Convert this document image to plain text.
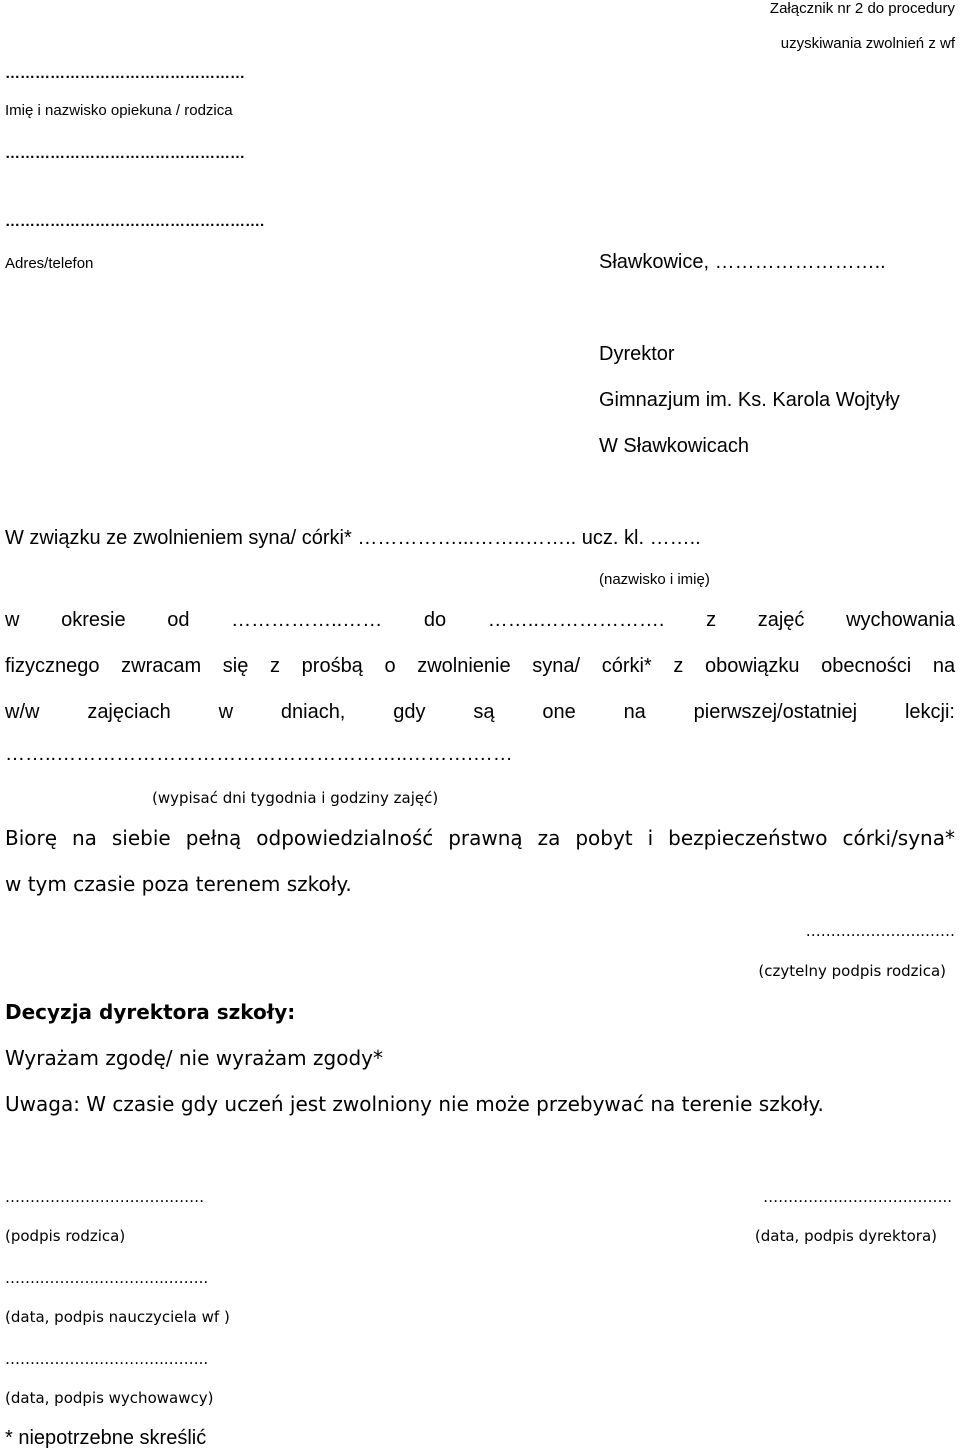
Załącznik nr 2 do procedury
uzyskiwania zwolnień z wf
…………………………………………
Imię i nazwisko opiekuna / rodzica
…………………………………………
…………………………………………….
Adres/telefon	Sławkowice, ……………………..
Dyrektor
Gimnazjum im. Ks. Karola Wojtyły
W Sławkowicach
W związku ze zwolnieniem syna/ córki* ……………...……..…….. ucz. kl. ……..
(nazwisko i imię)
w okresie od ……………..…… do ……..………………. z zajęć wychowania
fizycznego zwracam się z prośbą o zwolnienie syna/ córki* z obowiązku obecności na
w/w zajęciach w dniach, gdy są one na pierwszej/ostatniej lekcji:
……..……………………………………………..……….……
(wypisać dni tygodnia i godziny zajęć)
Biorę na siebie pełną odpowiedzialność prawną za pobyt i bezpieczeństwo córki/syna*
w tym czasie poza terenem szkoły.
……….…………..……
(czytelny podpis rodzica)
Decyzja dyrektora szkoły:
Wyrażam zgodę/ nie wyrażam zgody*
Uwaga: W czasie gdy uczeń jest zwolniony nie może przebywać na terenie szkoły.
……………….…….……..……	…………….…….…….……..
(podpis rodzica)	(data, podpis dyrektora)
……..………..…………..……..
(data, podpis nauczyciela wf )
……..………..…………..……..
(data, podpis wychowawcy)
* niepotrzebne skreślić
